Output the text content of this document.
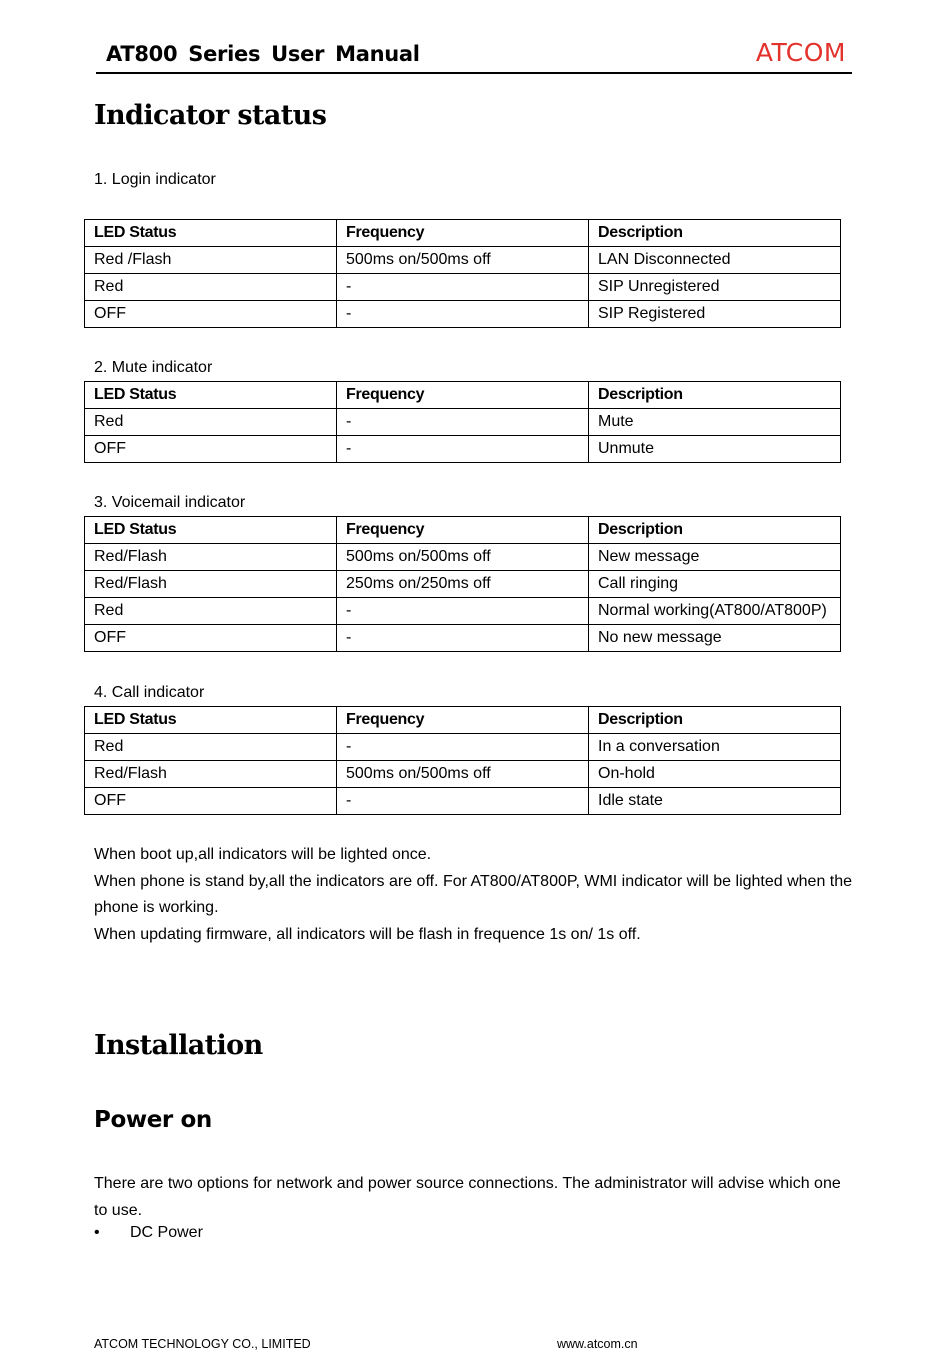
AT800 Series User Manual	ATCOM
Indicator status
1. Login indicator
LED Status	Frequency	Description
Red /Flash	500ms on/500ms off	LAN Disconnected
Red	-	SIP Unregistered
OFF	-	SIP Registered
2. Mute indicator
LED Status	Frequency	Description
Red	-	Mute
OFF	-	Unmute
3. Voicemail indicator
LED Status	Frequency	Description
Red/Flash	500ms on/500ms off	New message
Red/Flash	250ms on/250ms off	Call ringing
Red	-	Normal working(AT800/AT800P)
OFF	-	No new message
4. Call indicator
LED Status	Frequency	Description
Red	-	In a conversation
Red/Flash	500ms on/500ms off	On-hold
OFF	-	Idle state
When boot up,all indicators will be lighted once.
When phone is stand by,all the indicators are off. For AT800/AT800P, WMI indicator will be lighted when the phone is working.
When updating firmware, all indicators will be flash in frequence 1s on/ 1s off.
Installation
Power on
There are two options for network and power source connections. The administrator will advise which one to use.
• DC Power
ATCOM TECHNOLOGY CO., LIMITED	www.atcom.cn
